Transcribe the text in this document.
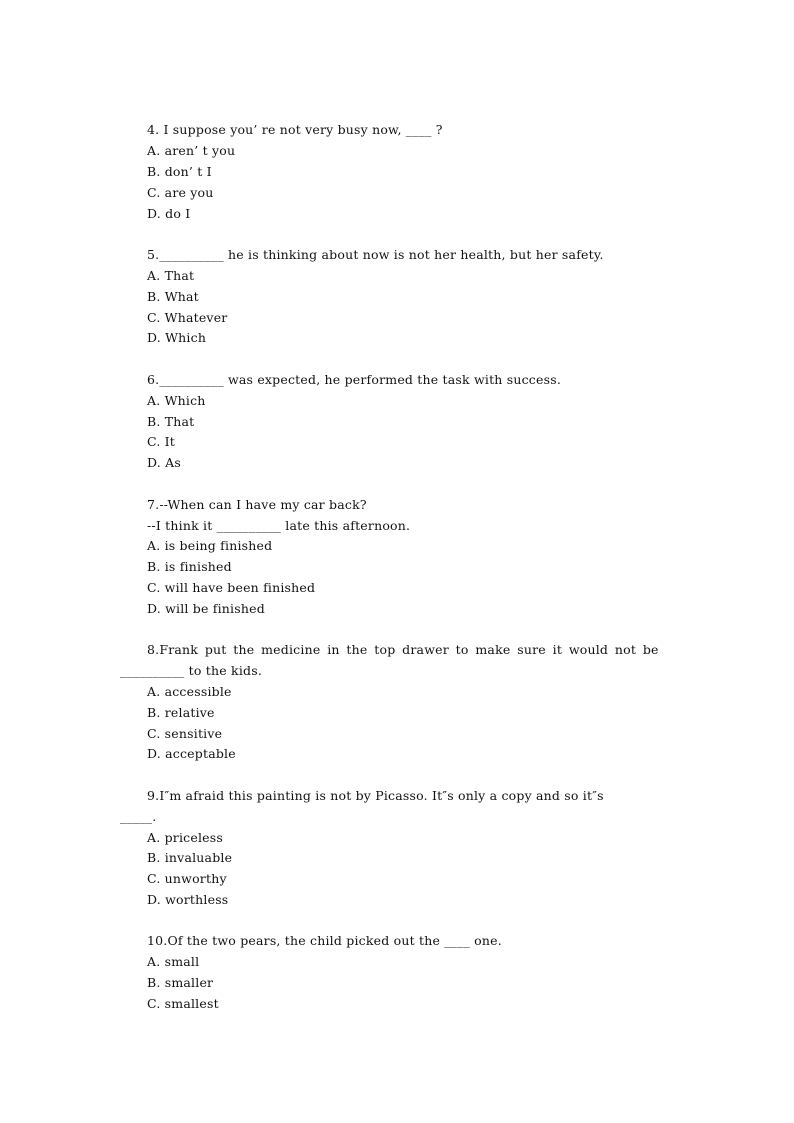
4. I suppose you’ re not very busy now, ____ ?
A. aren’ t you
B. don’ t I
C. are you
D. do I
5.__________ he is thinking about now is not her health, but her safety.
A. That
B. What
C. Whatever
D. Which
6.__________ was expected, he performed the task with success.
A. Which
B. That
C. It
D. As
7.--When can I have my car back?
--I think it __________ late this afternoon.
A. is being finished
B. is finished
C. will have been finished
D. will be finished
8.Frank put the medicine in the top drawer to make sure it would not be
__________ to the kids.
A. accessible
B. relative
C. sensitive
D. acceptable
9.I″m afraid this painting is not by Picasso. It″s only a copy and so it″s
_____.
A. priceless
B. invaluable
C. unworthy
D. worthless
10.Of the two pears, the child picked out the ____ one.
A. small
B. smaller
C. smallest
